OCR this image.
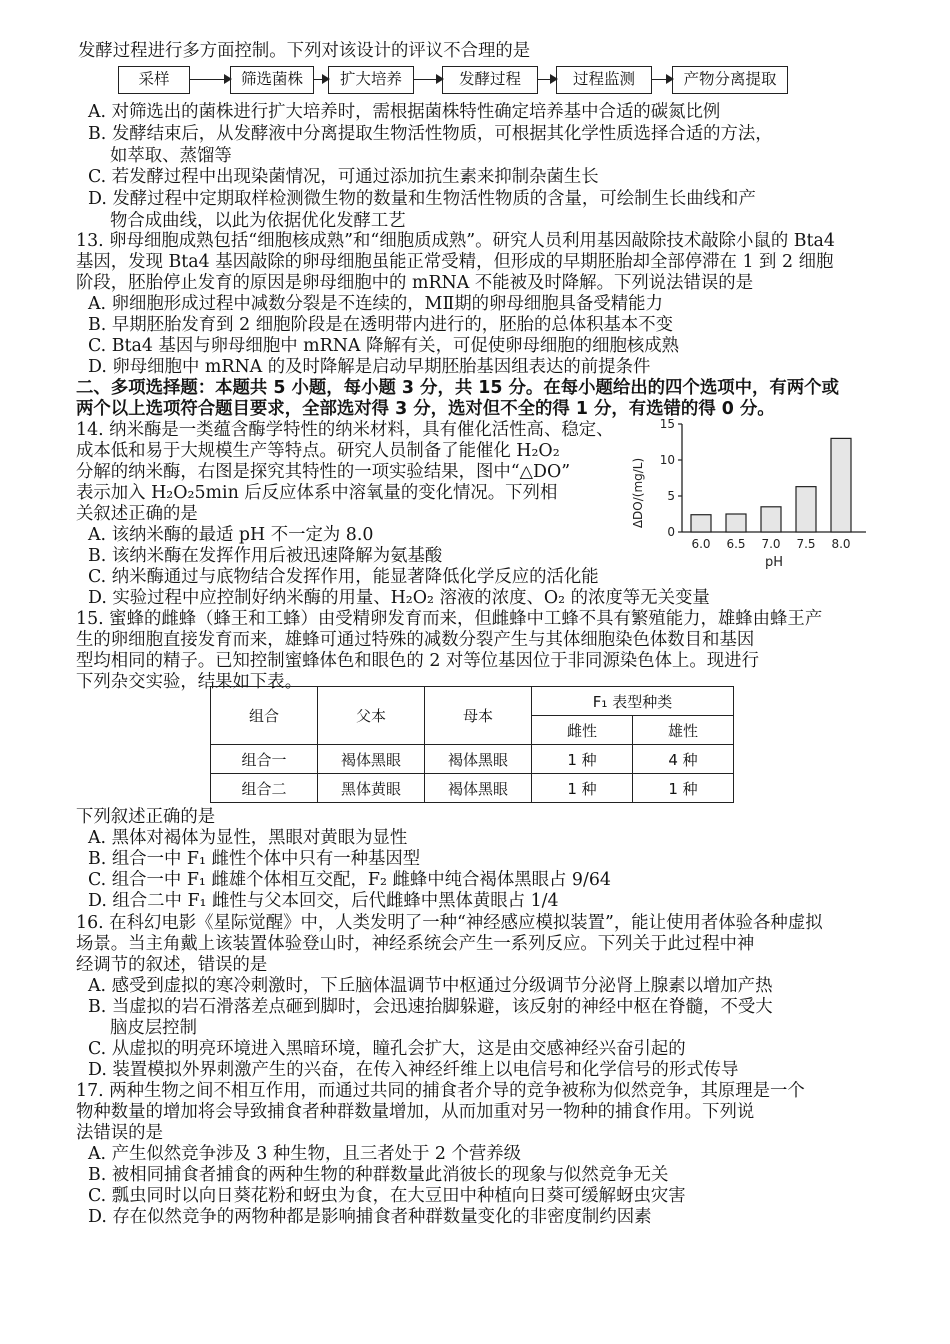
发酵过程进行多方面控制。下列对该设计的评议不合理的是
采样	筛选菌株	扩大培养	发酵过程	过程监测	产物分离提取
A. 对筛选出的菌株进行扩大培养时，需根据菌株特性确定培养基中合适的碳氮比例
B. 发酵结束后，从发酵液中分离提取生物活性物质，可根据其化学性质选择合适的方法，
如萃取、蒸馏等
C. 若发酵过程中出现染菌情况，可通过添加抗生素来抑制杂菌生长
D. 发酵过程中定期取样检测微生物的数量和生物活性物质的含量，可绘制生长曲线和产
物合成曲线，以此为依据优化发酵工艺
13. 卵母细胞成熟包括“细胞核成熟”和“细胞质成熟”。研究人员利用基因敲除技术敲除小鼠的 Bta4
基因，发现 Bta4 基因敲除的卵母细胞虽能正常受精，但形成的早期胚胎却全部停滞在 1 到 2 细胞
阶段，胚胎停止发育的原因是卵母细胞中的 mRNA 不能被及时降解。下列说法错误的是
A. 卵细胞形成过程中减数分裂是不连续的，MⅡ期的卵母细胞具备受精能力
B. 早期胚胎发育到 2 细胞阶段是在透明带内进行的，胚胎的总体积基本不变
C. Bta4 基因与卵母细胞中 mRNA 降解有关，可促使卵母细胞的细胞核成熟
D. 卵母细胞中 mRNA 的及时降解是启动早期胚胎基因组表达的前提条件
二、多项选择题：本题共 5 小题，每小题 3 分，共 15 分。在每小题给出的四个选项中，有两个或
两个以上选项符合题目要求，全部选对得 3 分，选对但不全的得 1 分，有选错的得 0 分。
14. 纳米酶是一类蕴含酶学特性的纳米材料，具有催化活性高、稳定、
成本低和易于大规模生产等特点。研究人员制备了能催化 H₂O₂
分解的纳米酶，右图是探究其特性的一项实验结果，图中“△DO”
表示加入 H₂O₂5min 后反应体系中溶氧量的变化情况。下列相
关叙述正确的是
A. 该纳米酶的最适 pH 不一定为 8.0
B. 该纳米酶在发挥作用后被迅速降解为氨基酸
C. 纳米酶通过与底物结合发挥作用，能显著降低化学反应的活化能
D. 实验过程中应控制好纳米酶的用量、H₂O₂ 溶液的浓度、O₂ 的浓度等无关变量
ΔDO/(mg/L)
0
5
10
15
6.0 6.5 7.0 7.5 8.0
pH
15. 蜜蜂的雌蜂（蜂王和工蜂）由受精卵发育而来，但雌蜂中工蜂不具有繁殖能力，雄蜂由蜂王产
生的卵细胞直接发育而来，雄蜂可通过特殊的减数分裂产生与其体细胞染色体数目和基因
型均相同的精子。已知控制蜜蜂体色和眼色的 2 对等位基因位于非同源染色体上。现进行
下列杂交实验，结果如下表。
组合	父本	母本	F₁ 表型种类	
			雌性	雄性
组合一	褐体黑眼	褐体黑眼	1 种	4 种
组合二	黑体黄眼	褐体黑眼	1 种	1 种
下列叙述正确的是
A. 黑体对褐体为显性，黑眼对黄眼为显性
B. 组合一中 F₁ 雌性个体中只有一种基因型
C. 组合一中 F₁ 雌雄个体相互交配，F₂ 雌蜂中纯合褐体黑眼占 9/64
D. 组合二中 F₁ 雌性与父本回交，后代雌蜂中黑体黄眼占 1/4
16. 在科幻电影《星际觉醒》中，人类发明了一种“神经感应模拟装置”，能让使用者体验各种虚拟
场景。当主角戴上该装置体验登山时，神经系统会产生一系列反应。下列关于此过程中神
经调节的叙述，错误的是
A. 感受到虚拟的寒冷刺激时，下丘脑体温调节中枢通过分级调节分泌肾上腺素以增加产热
B. 当虚拟的岩石滑落差点砸到脚时，会迅速抬脚躲避，该反射的神经中枢在脊髓，不受大
脑皮层控制
C. 从虚拟的明亮环境进入黑暗环境，瞳孔会扩大，这是由交感神经兴奋引起的
D. 装置模拟外界刺激产生的兴奋，在传入神经纤维上以电信号和化学信号的形式传导
17. 两种生物之间不相互作用，而通过共同的捕食者介导的竞争被称为似然竞争，其原理是一个
物种数量的增加将会导致捕食者种群数量增加，从而加重对另一物种的捕食作用。下列说
法错误的是
A. 产生似然竞争涉及 3 种生物，且三者处于 2 个营养级
B. 被相同捕食者捕食的两种生物的种群数量此消彼长的现象与似然竞争无关
C. 瓢虫同时以向日葵花粉和蚜虫为食，在大豆田中种植向日葵可缓解蚜虫灾害
D. 存在似然竞争的两物种都是影响捕食者种群数量变化的非密度制约因素
